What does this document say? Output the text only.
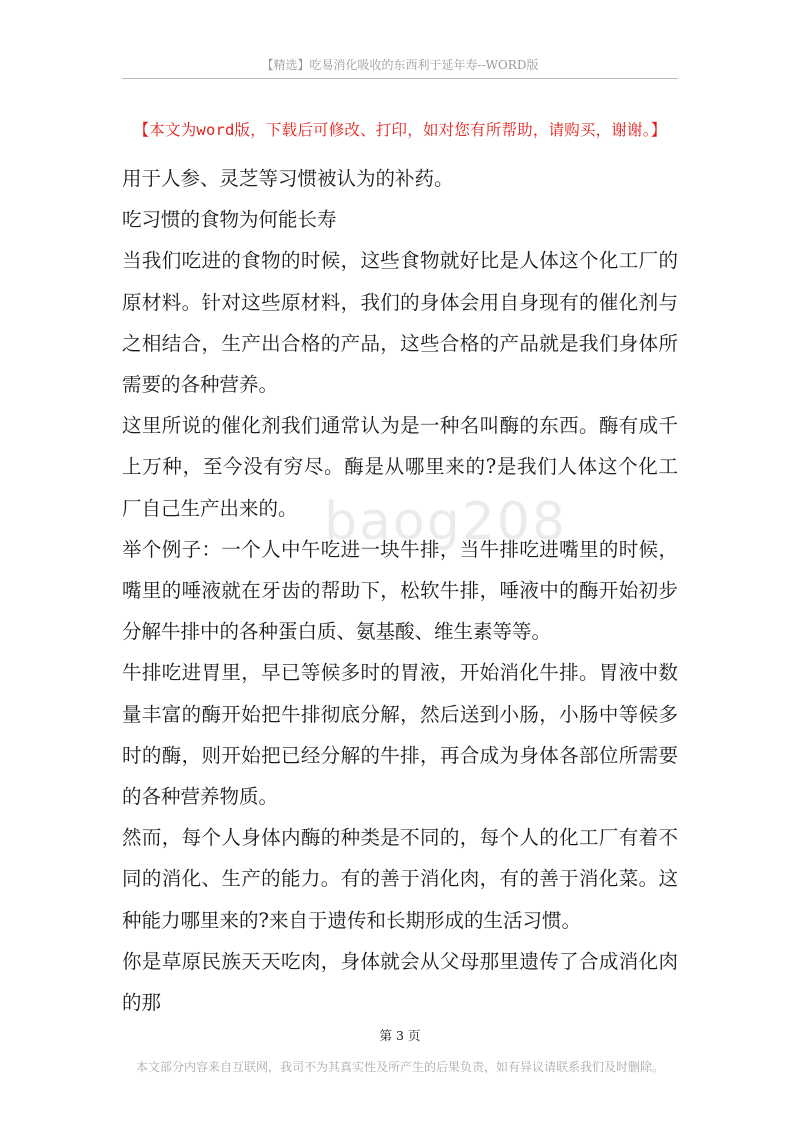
【精选】吃易消化吸收的东西利于延年寿--WORD版
【本文为word版，下载后可修改、打印，如对您有所帮助，请购买，谢谢。】
baog208

用于人参、灵芝等习惯被认为的补药。

吃习惯的食物为何能长寿

当我们吃进的食物的时候，这些食物就好比是人体这个化工厂的原材料。针对这些原材料，我们的身体会用自身现有的催化剂与之相结合，生产出合格的产品，这些合格的产品就是我们身体所需要的各种营养。

这里所说的催化剂我们通常认为是一种名叫酶的东西。酶有成千上万种，至今没有穷尽。酶是从哪里来的?是我们人体这个化工厂自己生产出来的。

举个例子：一个人中午吃进一块牛排，当牛排吃进嘴里的时候，嘴里的唾液就在牙齿的帮助下，松软牛排，唾液中的酶开始初步分解牛排中的各种蛋白质、氨基酸、维生素等等。

牛排吃进胃里，早已等候多时的胃液，开始消化牛排。胃液中数量丰富的酶开始把牛排彻底分解，然后送到小肠，小肠中等候多时的酶，则开始把已经分解的牛排，再合成为身体各部位所需要的各种营养物质。

然而，每个人身体内酶的种类是不同的，每个人的化工厂有着不同的消化、生产的能力。有的善于消化肉，有的善于消化菜。这种能力哪里来的?来自于遗传和长期形成的生活习惯。

你是草原民族天天吃肉，身体就会从父母那里遗传了合成消化肉的那

第 3 页
本文部分内容来自互联网，我司不为其真实性及所产生的后果负责，如有异议请联系我们及时删除。
